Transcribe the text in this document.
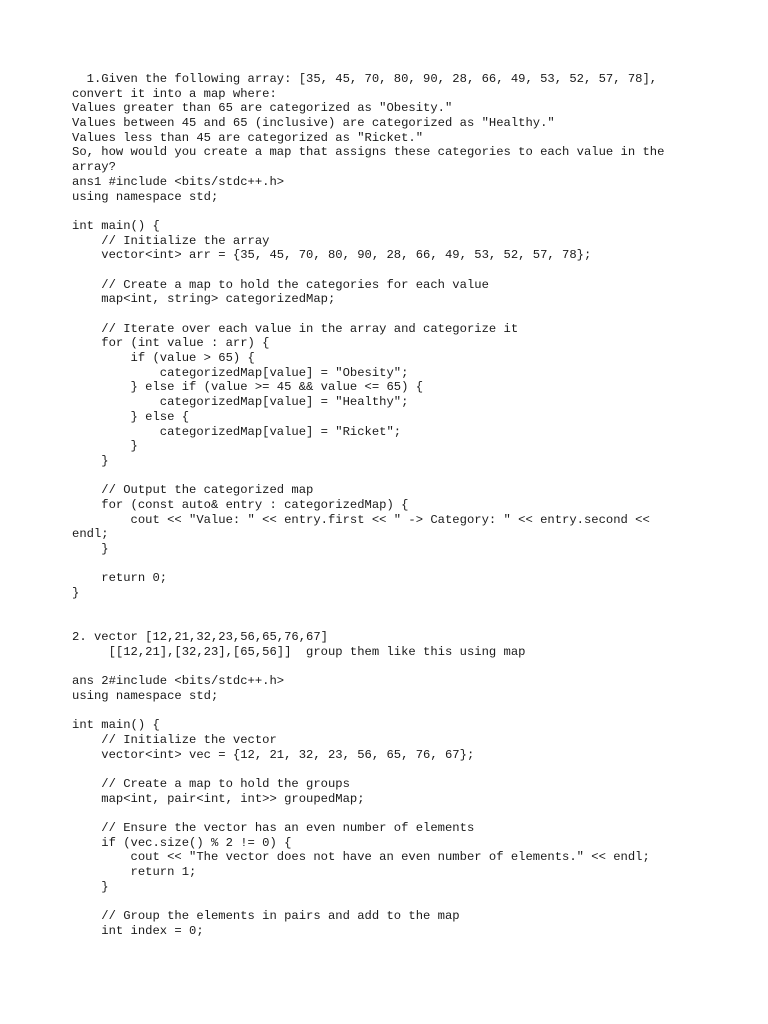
1.Given the following array: [35, 45, 70, 80, 90, 28, 66, 49, 53, 52, 57, 78],
convert it into a map where:
Values greater than 65 are categorized as "Obesity."
Values between 45 and 65 (inclusive) are categorized as "Healthy."
Values less than 45 are categorized as "Ricket."
So, how would you create a map that assigns these categories to each value in the
array?
ans1 #include <bits/stdc++.h>
using namespace std;
int main() {
// Initialize the array
vector<int> arr = {35, 45, 70, 80, 90, 28, 66, 49, 53, 52, 57, 78};
// Create a map to hold the categories for each value
map<int, string> categorizedMap;
// Iterate over each value in the array and categorize it
for (int value : arr) {
if (value > 65) {
categorizedMap[value] = "Obesity";
} else if (value >= 45 && value <= 65) {
categorizedMap[value] = "Healthy";
} else {
categorizedMap[value] = "Ricket";
}
}
// Output the categorized map
for (const auto& entry : categorizedMap) {
cout << "Value: " << entry.first << " -> Category: " << entry.second <<
endl;
}
return 0;
}
2. vector [12,21,32,23,56,65,76,67]
[[12,21],[32,23],[65,56]]  group them like this using map
ans 2#include <bits/stdc++.h>
using namespace std;
int main() {
// Initialize the vector
vector<int> vec = {12, 21, 32, 23, 56, 65, 76, 67};
// Create a map to hold the groups
map<int, pair<int, int>> groupedMap;
// Ensure the vector has an even number of elements
if (vec.size() % 2 != 0) {
cout << "The vector does not have an even number of elements." << endl;
return 1;
}
// Group the elements in pairs and add to the map
int index = 0;
